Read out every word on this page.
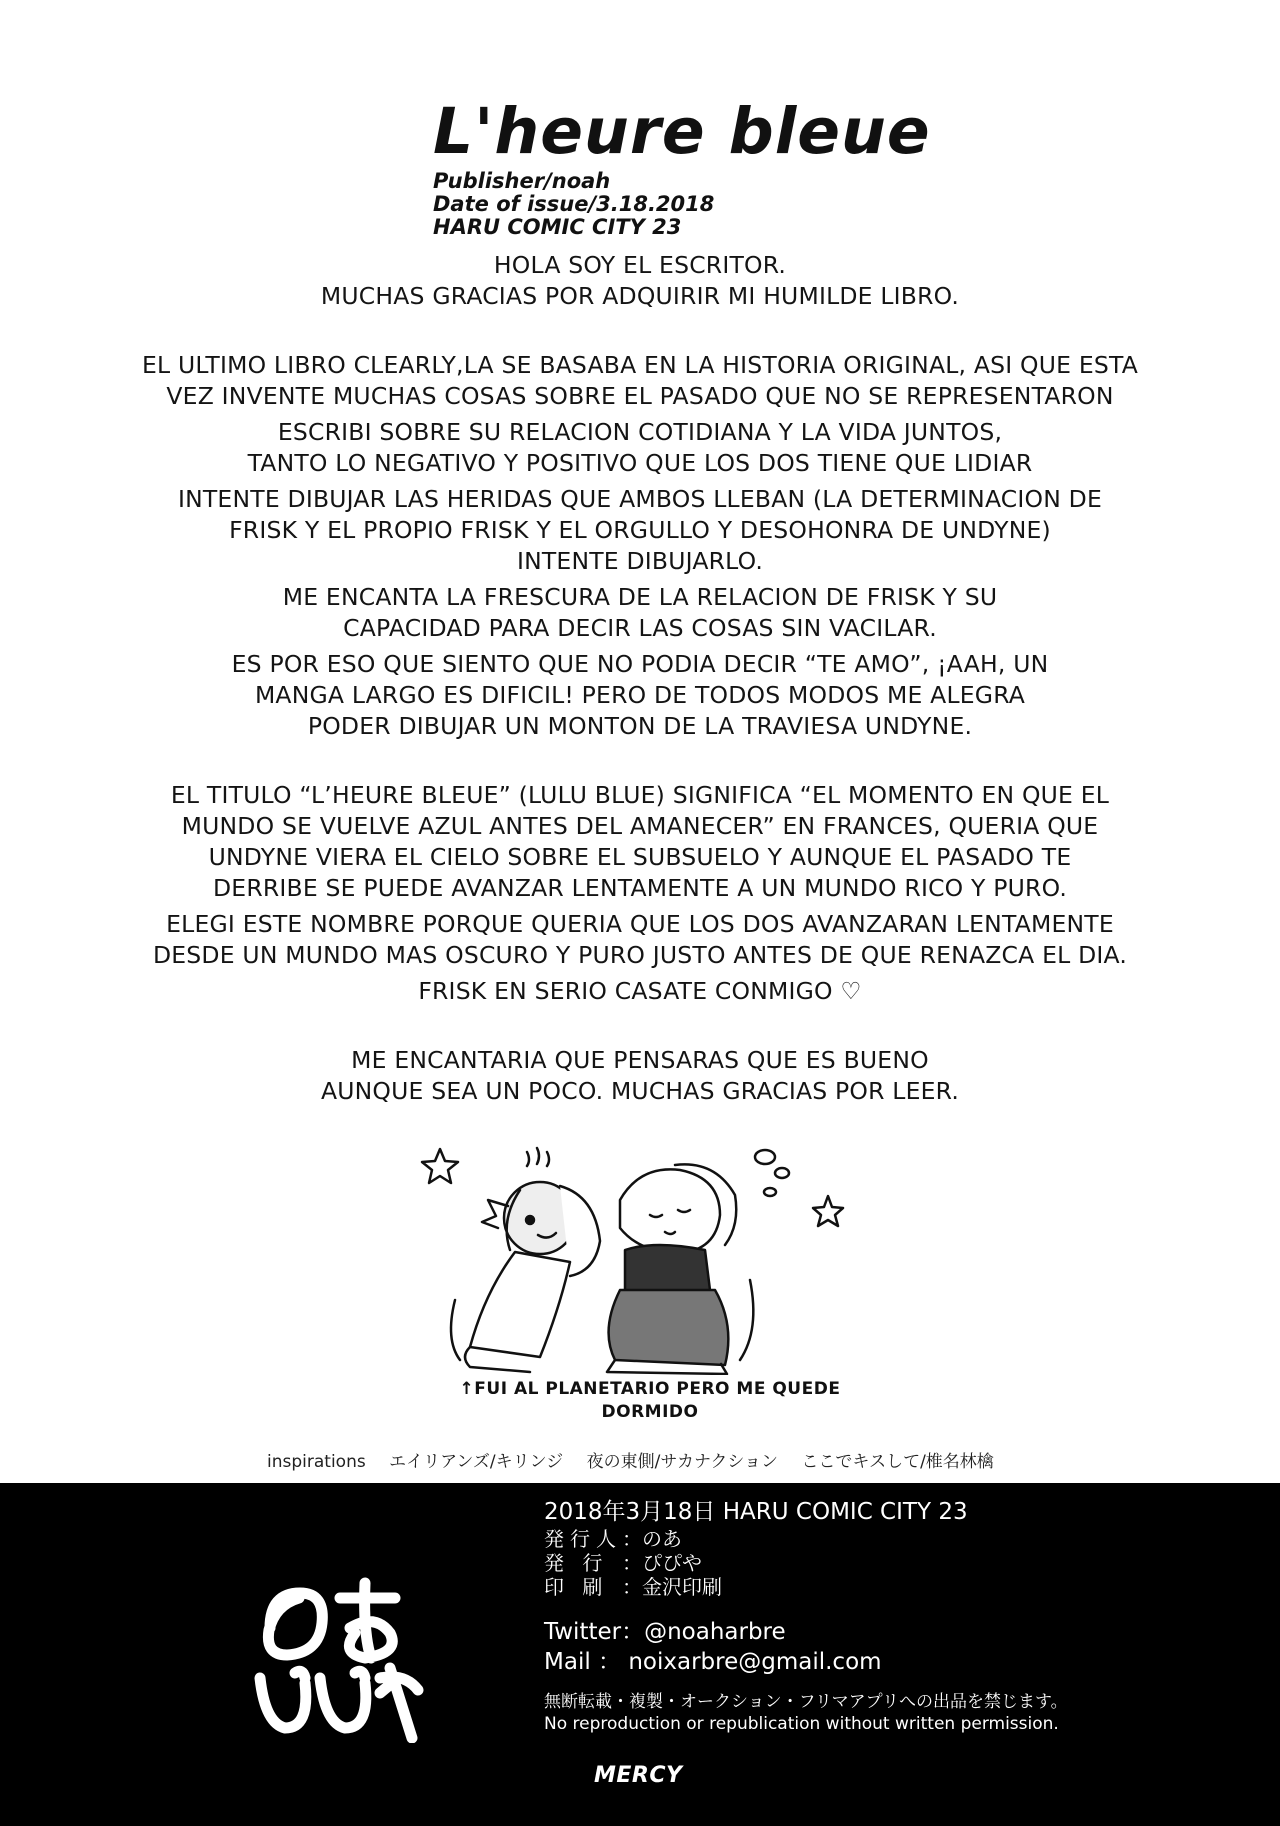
L'heure bleue

Publisher/noah

Date of issue/3.18.2018

HARU COMIC CITY 23

HOLA SOY EL ESCRITOR.
MUCHAS GRACIAS POR ADQUIRIR MI HUMILDE LIBRO.

EL ULTIMO LIBRO CLEARLY,LA SE BASABA EN LA HISTORIA ORIGINAL, ASI QUE ESTA
VEZ INVENTE MUCHAS COSAS SOBRE EL PASADO QUE NO SE REPRESENTARON

ESCRIBI SOBRE SU RELACION COTIDIANA Y LA VIDA JUNTOS,
TANTO LO NEGATIVO Y POSITIVO QUE LOS DOS TIENE QUE LIDIAR

INTENTE DIBUJAR LAS HERIDAS QUE AMBOS LLEBAN (LA DETERMINACION DE
FRISK Y EL PROPIO FRISK Y EL ORGULLO Y DESOHONRA DE UNDYNE)
INTENTE DIBUJARLO.

ME ENCANTA LA FRESCURA DE LA RELACION DE FRISK Y SU
CAPACIDAD PARA DECIR LAS COSAS SIN VACILAR.

ES POR ESO QUE SIENTO QUE NO PODIA DECIR “TE AMO”, ¡AAH, UN
MANGA LARGO ES DIFICIL! PERO DE TODOS MODOS ME ALEGRA
PODER DIBUJAR UN MONTON DE LA TRAVIESA UNDYNE.

EL TITULO “L’HEURE BLEUE” (LULU BLUE) SIGNIFICA “EL MOMENTO EN QUE EL
MUNDO SE VUELVE AZUL ANTES DEL AMANECER” EN FRANCES, QUERIA QUE
UNDYNE VIERA EL CIELO SOBRE EL SUBSUELO Y AUNQUE EL PASADO TE
DERRIBE SE PUEDE AVANZAR LENTAMENTE A UN MUNDO RICO Y PURO.

ELEGI ESTE NOMBRE PORQUE QUERIA QUE LOS DOS AVANZARAN LENTAMENTE
DESDE UN MUNDO MAS OSCURO Y PURO JUSTO ANTES DE QUE RENAZCA EL DIA.

FRISK EN SERIO CASATE CONMIGO ♡

ME ENCANTARIA QUE PENSARAS QUE ES BUENO
AUNQUE SEA UN POCO. MUCHAS GRACIAS POR LEER.

↑FUI AL PLANETARIO PERO ME QUEDE
DORMIDO
inspirations エイリアンズ/キリンジ 夜の東側/サカナクション ここでキスして/椎名林檎

2018年3月18日 HARU COMIC CITY 23

発行人：のあ

発 行 ：ぴぴや

印 刷 ：金沢印刷

Twitter：@noaharbre

Mail ： noixarbre@gmail.com

無断転載・複製・オークション・フリマアプリへの出品を禁じます。

No reproduction or republication without written permission.

MERCY
